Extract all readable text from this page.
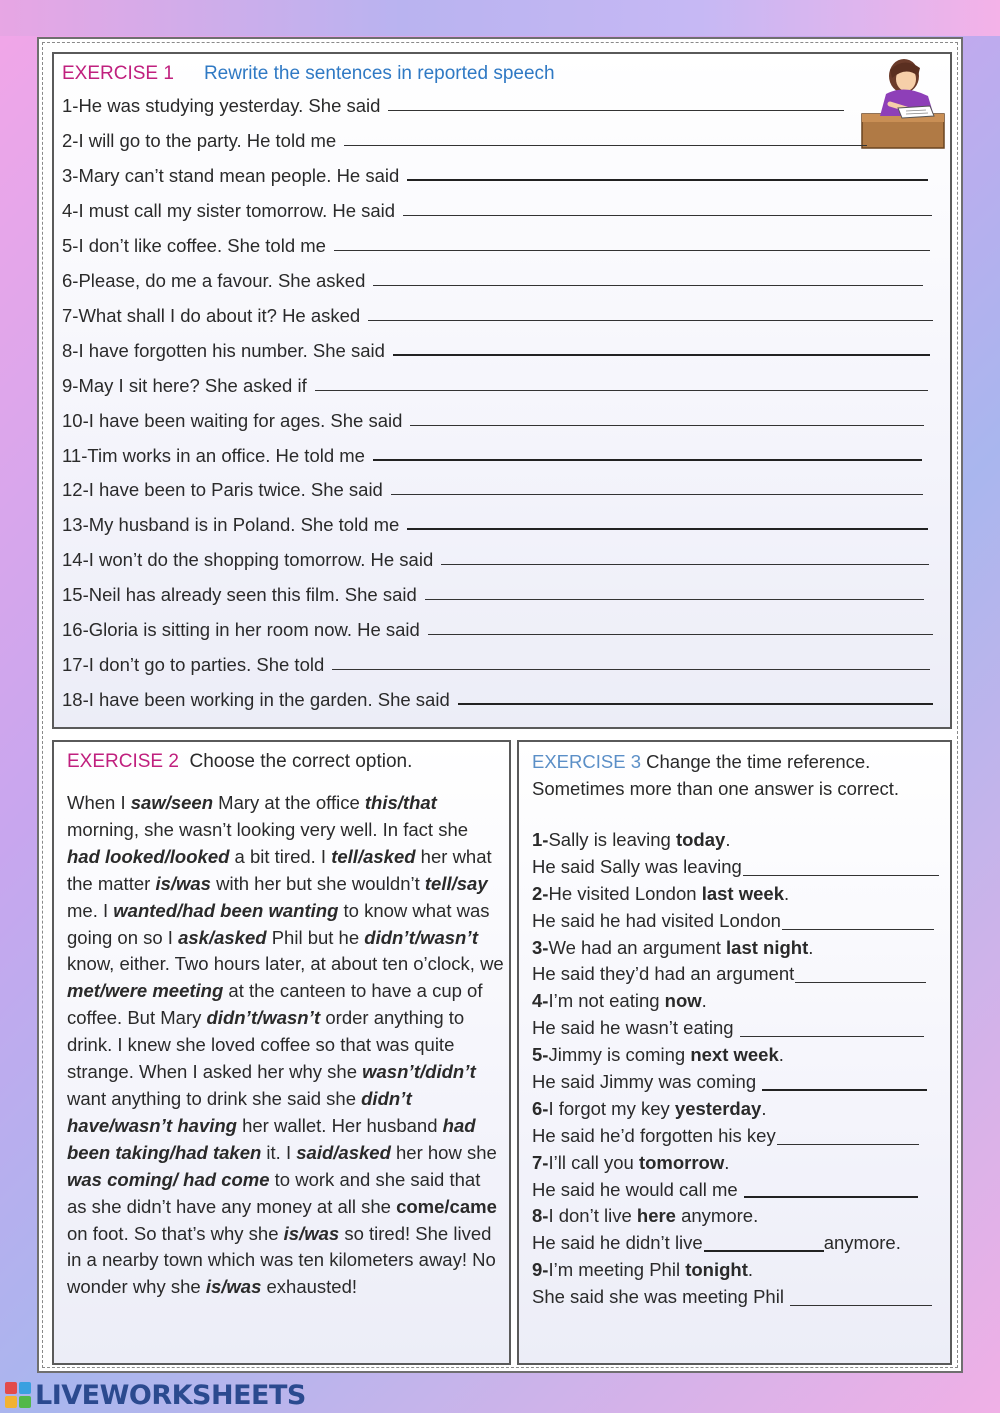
EXERCISE 1 Rewrite the sentences in reported speech
1-He was studying yesterday. She said
2-I will go to the party. He told me
3-Mary can’t stand mean people. He said
4-I must call my sister tomorrow. He said
5-I don’t like coffee. She told me
6-Please, do me a favour. She asked
7-What shall I do about it? He asked
8-I have forgotten his number. She said
9-May I sit here? She asked if
10-I have been waiting for ages. She said
11-Tim works in an office. He told me
12-I have been to Paris twice. She said
13-My husband is in Poland. She told me
14-I won’t do the shopping tomorrow. He said
15-Neil has already seen this film. She said
16-Gloria is sitting in her room now. He said
17-I don’t go to parties. She told
18-I have been working in the garden. She said
EXERCISE 2 Choose the correct option.
When I saw/seen Mary at the office this/that morning, she wasn’t looking very well. In fact she had looked/looked a bit tired. I tell/asked her what the matter is/was with her but she wouldn’t tell/say me. I wanted/had been wanting to know what was going on so I ask/asked Phil but he didn’t/wasn’t know, either. Two hours later, at about ten o’clock, we met/were meeting at the canteen to have a cup of coffee. But Mary didn’t/wasn’t order anything to drink. I knew she loved coffee so that was quite strange. When I asked her why she wasn’t/didn’t want anything to drink she said she didn’t have/wasn’t having her wallet. Her husband had been taking/had taken it. I said/asked her how she was coming/ had come to work and she said that as she didn’t have any money at all she come/came on foot. So that’s why she is/was so tired! She lived in a nearby town which was ten kilometers away! No wonder why she is/was exhausted!
EXERCISE 3 Change the time reference.
Sometimes more than one answer is correct.
1- Sally is leaving today .
He said Sally was leaving
2- He visited London last week .
He said he had visited London
3- We had an argument last night .
He said they’d had an argument
4- I’m not eating now .
He said he wasn’t eating
5- Jimmy is coming next week .
He said Jimmy was coming
6- I forgot my key yesterday .
He said he’d forgotten his key
7- I’ll call you tomorrow .
He said he would call me
8- I don’t live here anymore.
He said he didn’t live	anymore.
9- I’m meeting Phil tonight .
She said she was meeting Phil
LIVEWORKSHEETS
